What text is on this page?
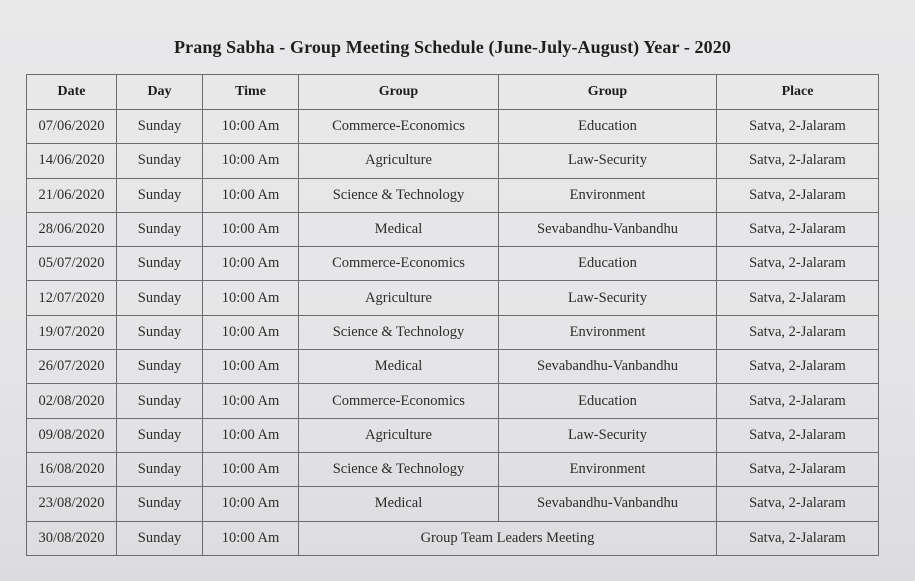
Prang Sabha - Group Meeting Schedule (June-July-August) Year - 2020
Date	Day	Time	Group	Group	Place
07/06/2020	Sunday	10:00 Am	Commerce-Economics	Education	Satva, 2-Jalaram
14/06/2020	Sunday	10:00 Am	Agriculture	Law-Security	Satva, 2-Jalaram
21/06/2020	Sunday	10:00 Am	Science & Technology	Environment	Satva, 2-Jalaram
28/06/2020	Sunday	10:00 Am	Medical	Sevabandhu-Vanbandhu	Satva, 2-Jalaram
05/07/2020	Sunday	10:00 Am	Commerce-Economics	Education	Satva, 2-Jalaram
12/07/2020	Sunday	10:00 Am	Agriculture	Law-Security	Satva, 2-Jalaram
19/07/2020	Sunday	10:00 Am	Science & Technology	Environment	Satva, 2-Jalaram
26/07/2020	Sunday	10:00 Am	Medical	Sevabandhu-Vanbandhu	Satva, 2-Jalaram
02/08/2020	Sunday	10:00 Am	Commerce-Economics	Education	Satva, 2-Jalaram
09/08/2020	Sunday	10:00 Am	Agriculture	Law-Security	Satva, 2-Jalaram
16/08/2020	Sunday	10:00 Am	Science & Technology	Environment	Satva, 2-Jalaram
23/08/2020	Sunday	10:00 Am	Medical	Sevabandhu-Vanbandhu	Satva, 2-Jalaram
30/08/2020	Sunday	10:00 Am	Group Team Leaders Meeting		Satva, 2-Jalaram
